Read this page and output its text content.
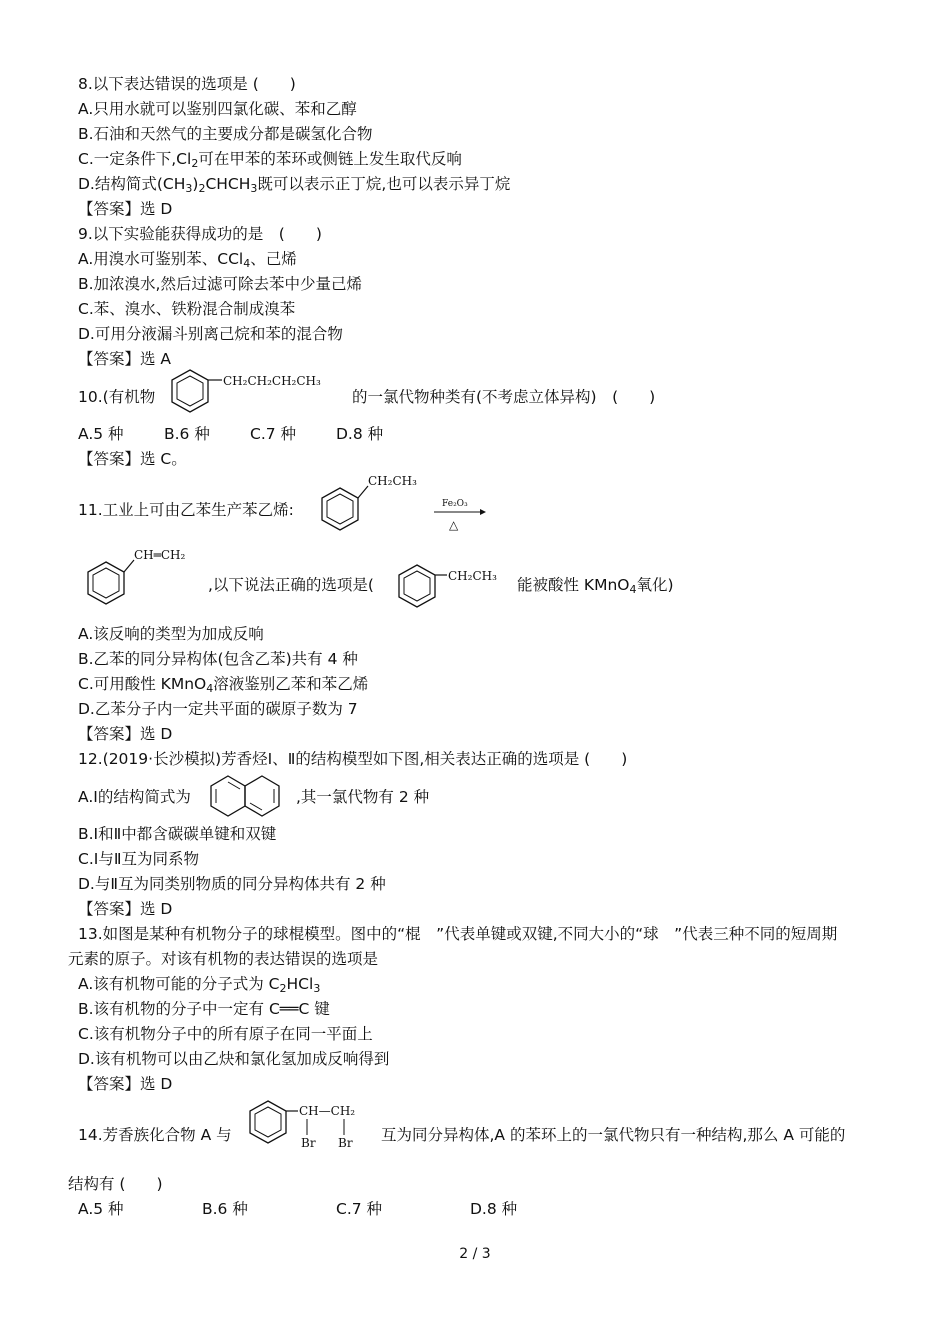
8.以下表达错误的选项是 (　　)
A.只用水就可以鉴别四氯化碳、苯和乙醇
B.石油和天然气的主要成分都是碳氢化合物
C.一定条件下$,Cl_2$可在甲苯的苯环或侧链上发生取代反响
D.结构简式$(CH_3)_2CHCH_3$既可以表示正丁烷,也可以表示异丁烷
【答案】选 D
9.以下实验能获得成功的是　(　　)
A.用溴水可鉴别苯、CCl$_4$、己烯
B.加浓溴水,然后过滤可除去苯中少量己烯
C.苯、溴水、铁粉混合制成溴苯
D.可用分液漏斗别离己烷和苯的混合物
【答案】选 A
10.(有机物
CH₂CH₂CH₂CH₃
的一氯代物种类有(不考虑立体异构)　(　　)
A.5 种	B.6 种	C.7 种	D.8 种
【答案】选 C。
11.工业上可由乙苯生产苯乙烯:
CH₂CH₃
Fe₂O₃
△
CH═CH₂
,以下说法正确的选项是(	CH₂CH₃ 能被酸性 KMnO$_4$氧化)
A.该反响的类型为加成反响
B.乙苯的同分异构体(包含乙苯)共有 4 种
C.可用酸性 KMnO$_4$溶液鉴别乙苯和苯乙烯
D.乙苯分子内一定共平面的碳原子数为 7
【答案】选 D
12.(2019·长沙模拟)芳香烃Ⅰ、Ⅱ的结构模型如下图,相关表达正确的选项是 (　　)
A.Ⅰ的结构简式为	,其一氯代物有 2 种
B.Ⅰ和Ⅱ中都含碳碳单键和双键
C.Ⅰ与Ⅱ互为同系物
D.与Ⅱ互为同类别物质的同分异构体共有 2 种
【答案】选 D
13.如图是某种有机物分子的球棍模型。图中的“棍　”代表单键或双键,不同大小的“球　”代表三种不同的短周期
元素的原子。对该有机物的表达错误的选项是
A.该有机物可能的分子式为 $C_2HCl_3$
B.该有机物的分子中一定有 C══C 键
C.该有机物分子中的所有原子在同一平面上
D.该有机物可以由乙炔和氯化氢加成反响得到
【答案】选 D
14.芳香族化合物 A 与
CH—CH₂
Br Br 互为同分异构体,A 的苯环上的一氯代物只有一种结构,那么 A 可能的
结构有 (　　)
A.5 种	B.6 种	C.7 种	D.8 种
2 / 3
